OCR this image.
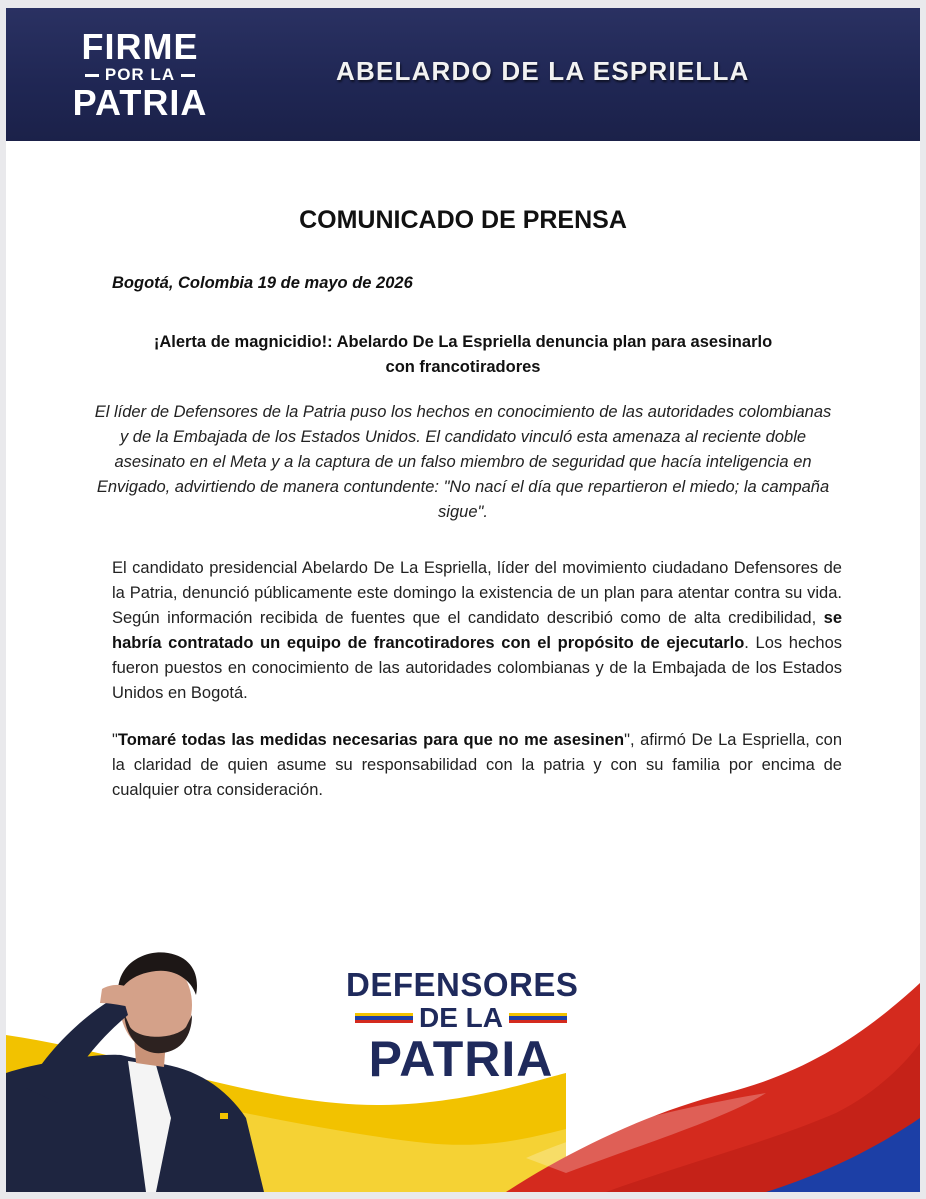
FIRME
POR LA
PATRIA
ABELARDO DE LA ESPRIELLA
COMUNICADO DE PRENSA
Bogotá, Colombia 19 de mayo de 2026
¡Alerta de magnicidio!: Abelardo De La Espriella denuncia plan para asesinarlo
con francotiradores
El líder de Defensores de la Patria puso los hechos en conocimiento de las autoridades colombianas y de la Embajada de los Estados Unidos. El candidato vinculó esta amenaza al reciente doble asesinato en el Meta y a la captura de un falso miembro de seguridad que hacía inteligencia en Envigado, advirtiendo de manera contundente: "No nací el día que repartieron el miedo; la campaña sigue".
El candidato presidencial Abelardo De La Espriella, líder del movimiento ciudadano Defensores de la Patria, denunció públicamente este domingo la existencia de un plan para atentar contra su vida. Según información recibida de fuentes que el candidato describió como de alta credibilidad, se habría contratado un equipo de francotiradores con el propósito de ejecutarlo. Los hechos fueron puestos en conocimiento de las autoridades colombianas y de la Embajada de los Estados Unidos en Bogotá.
"Tomaré todas las medidas necesarias para que no me asesinen", afirmó De La Espriella, con la claridad de quien asume su responsabilidad con la patria y con su familia por encima de cualquier otra consideración.
DEFENSORES
DE LA
PATRIA
